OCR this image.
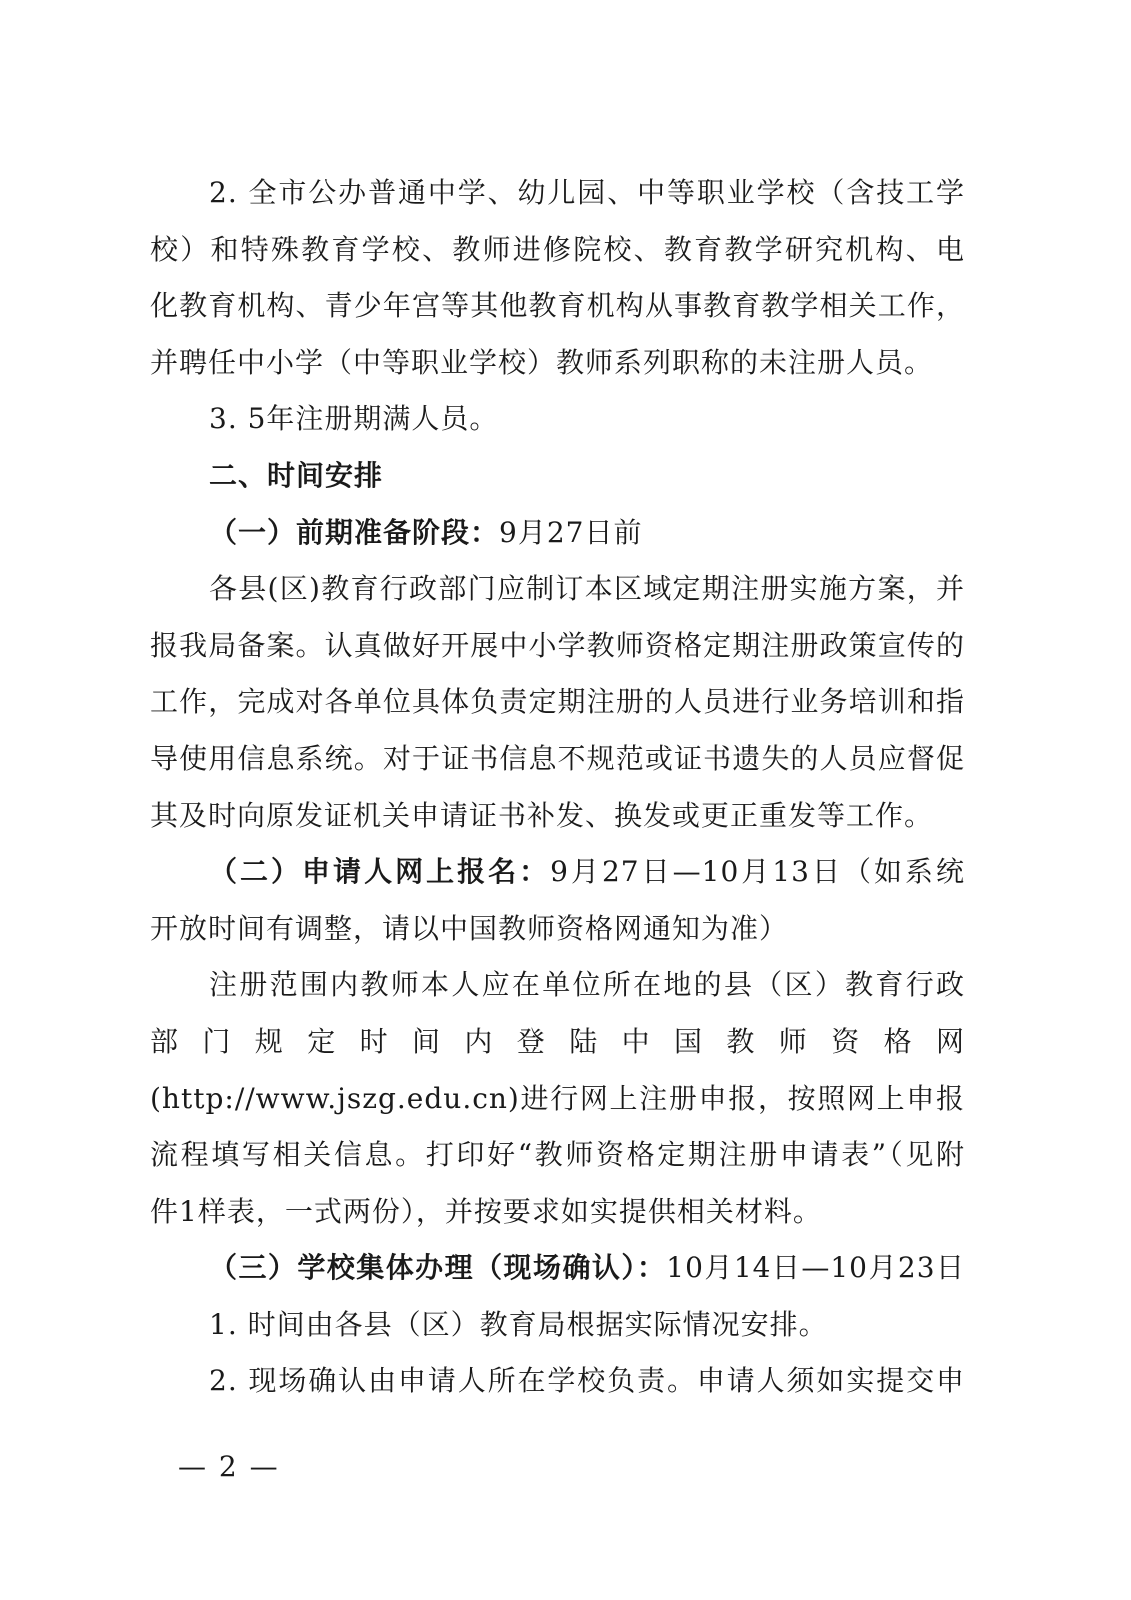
2. 全市公办普通中学、幼儿园、中等职业学校（含技工学
校）和特殊教育学校、教师进修院校、教育教学研究机构、电
化教育机构、青少年宫等其他教育机构从事教育教学相关工作，
并聘任中小学（中等职业学校）教师系列职称的未注册人员。
3. 5年注册期满人员。
二、时间安排
（一）前期准备阶段：9月27日前
各县(区)教育行政部门应制订本区域定期注册实施方案，并
报我局备案。认真做好开展中小学教师资格定期注册政策宣传的
工作，完成对各单位具体负责定期注册的人员进行业务培训和指
导使用信息系统。对于证书信息不规范或证书遗失的人员应督促
其及时向原发证机关申请证书补发、换发或更正重发等工作。
（二）申请人网上报名：9月27日—10月13日（如系统
开放时间有调整，请以中国教师资格网通知为准）
注册范围内教师本人应在单位所在地的县（区）教育行政
部门规定时间内登陆中国教师资格网
(http://www.jszg.edu.cn)进行网上注册申报，按照网上申报
流程填写相关信息。打印好“教师资格定期注册申请表”（见附
件1样表，一式两份），并按要求如实提供相关材料。
（三）学校集体办理（现场确认）：10月14日—10月23日
1. 时间由各县（区）教育局根据实际情况安排。
2. 现场确认由申请人所在学校负责。申请人须如实提交申
— 2 —
